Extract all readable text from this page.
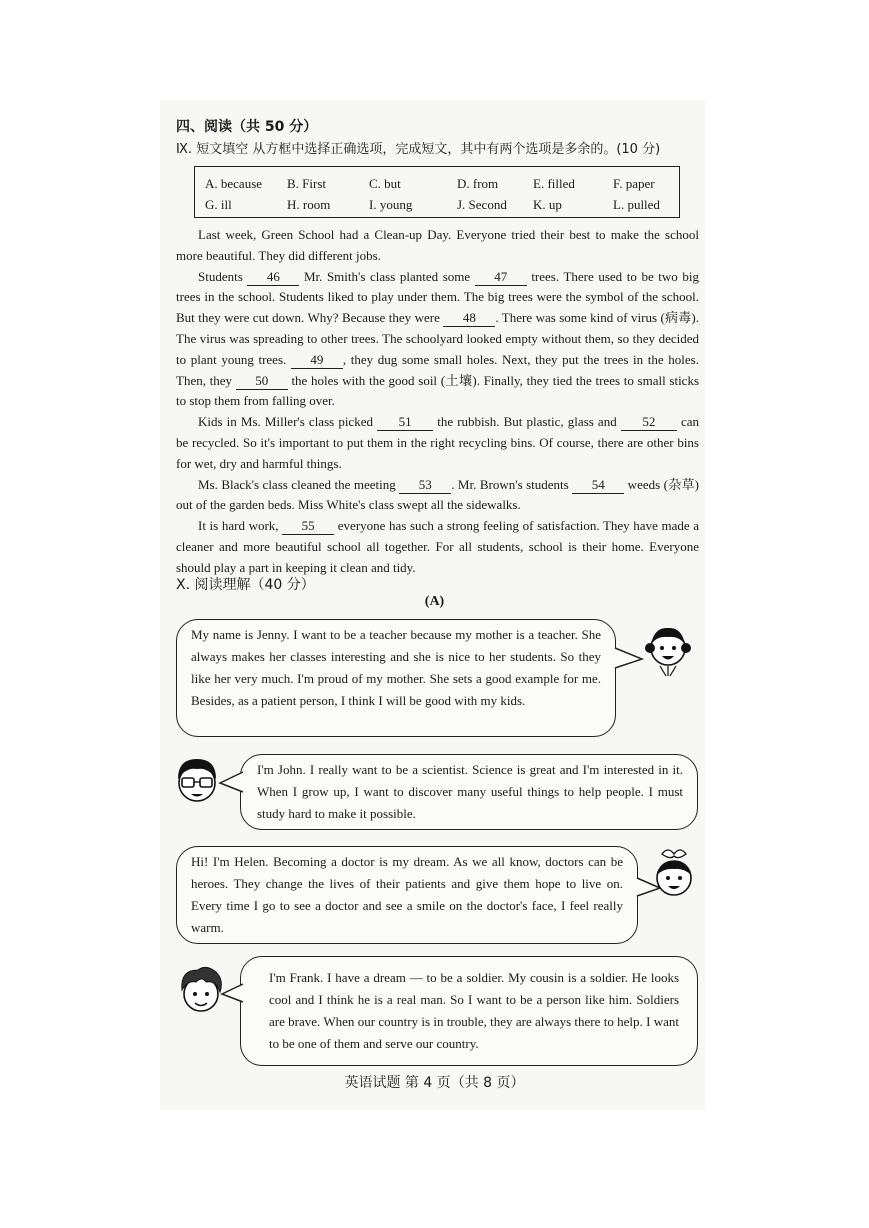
四、阅读（共 50 分）
Ⅸ. 短文填空 从方框中选择正确选项，完成短文，其中有两个选项是多余的。(10 分)
A. because B. First	C. but	D. from	E. filled	F. paper
G. ill	H. room	I. young	J. Second K. up	L. pulled

Last week, Green School had a Clean-up Day. Everyone tried their best to make the school more beautiful. They did different jobs.

Students 46 Mr. Smith's class planted some 47 trees. There used to be two big trees in the school. Students liked to play under them. The big trees were the symbol of the school. But they were cut down. Why? Because they were 48 . There was some kind of virus (病毒). The virus was spreading to other trees. The schoolyard looked empty without them, so they decided to plant young trees. 49 , they dug some small holes. Next, they put the trees in the holes. Then, they 50 the holes with the good soil (土壤). Finally, they tied the trees to small sticks to stop them from falling over.

Kids in Ms. Miller's class picked 51 the rubbish. But plastic, glass and 52 can be recycled. So it's important to put them in the right recycling bins. Of course, there are other bins for wet, dry and harmful things.

Ms. Black's class cleaned the meeting 53 . Mr. Brown's students 54 weeds (杂草) out of the garden beds. Miss White's class swept all the sidewalks.

It is hard work, 55 everyone has such a strong feeling of satisfaction. They have made a cleaner and more beautiful school all together. For all students, school is their home. Everyone should play a part in keeping it clean and tidy.

Ⅹ. 阅读理解（40 分）
(A)
My name is Jenny. I want to be a teacher because my mother is a teacher. She always makes her classes interesting and she is nice to her students. So they like her very much. I'm proud of my mother. She sets a good example for me. Besides, as a patient person, I think I will be good with my kids.
I'm John. I really want to be a scientist. Science is great and I'm interested in it. When I grow up, I want to discover many useful things to help people. I must study hard to make it possible.
Hi! I'm Helen. Becoming a doctor is my dream. As we all know, doctors can be heroes. They change the lives of their patients and give them hope to live on. Every time I go to see a doctor and see a smile on the doctor's face, I feel really warm.
I'm Frank. I have a dream — to be a soldier. My cousin is a soldier. He looks cool and I think he is a real man. So I want to be a person like him. Soldiers are brave. When our country is in trouble, they are always there to help. I want to be one of them and serve our country.
英语试题 第 4 页（共 8 页）
